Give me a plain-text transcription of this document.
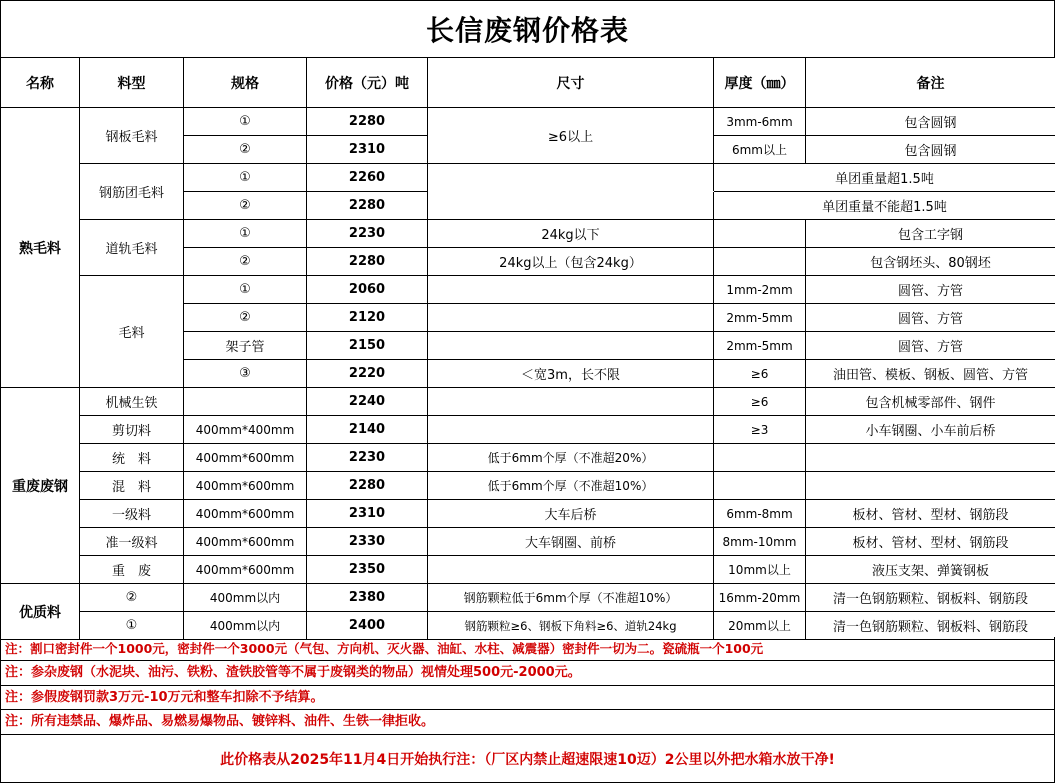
长信废钢价格表
名称	料型	规格	价格（元）吨	尺寸	厚度（㎜）	备注
熟毛料	钢板毛料	①	2280	≥6以上	3mm-6mm	包含圆钢
		②	2310		6mm以上	包含圆钢
	钢筋团毛料	①	2260		单团重量超1.5吨	
		②	2280		单团重量不能超1.5吨	
	道轨毛料	①	2230	24kg以下		包含工字钢
		②	2280	24kg以上（包含24kg）		包含钢坯头、80钢坯
	毛料	①	2060		1mm-2mm	圆管、方管
		②	2120		2mm-5mm	圆管、方管
		架子管	2150		2mm-5mm	圆管、方管
		③	2220	＜宽3m，长不限	≥6	油田管、模板、钢板、圆管、方管
重废废钢	机械生铁		2240		≥6	包含机械零部件、钢件
	剪切料	400mm*400mm	2140		≥3	小车钢圈、小车前后桥
	统　料	400mm*600mm	2230	低于6mm个厚（不准超20%）		
	混　料	400mm*600mm	2280	低于6mm个厚（不准超10%）		
	一级料	400mm*600mm	2310	大车后桥	6mm-8mm	板材、管材、型材、钢筋段
	准一级料	400mm*600mm	2330	大车钢圈、前桥	8mm-10mm	板材、管材、型材、钢筋段
	重　废	400mm*600mm	2350		10mm以上	液压支架、弹簧钢板
优质料	②	400mm以内	2380	钢筋颗粒低于6mm个厚（不准超10%）	16mm-20mm	清一色钢筋颗粒、钢板料、钢筋段
	①	400mm以内	2400	钢筋颗粒≥6、钢板下角料≥6、道轨24kg	20mm以上	清一色钢筋颗粒、钢板料、钢筋段
注：割口密封件一个1000元，密封件一个3000元（气包、方向机、灭火器、油缸、水柱、减震器）密封件一切为二。瓷硫瓶一个100元
注：参杂废钢（水泥块、油污、铁粉、渣铁胶管等不属于废钢类的物品）视情处理500元-2000元。
注：参假废钢罚款3万元-10万元和整车扣除不予结算。
注：所有违禁品、爆炸品、易燃易爆物品、镀锌料、油件、生铁一律拒收。
此价格表从2025年11月4日开始执行注：（厂区内禁止超速限速10迈）2公里以外把水箱水放干净!
